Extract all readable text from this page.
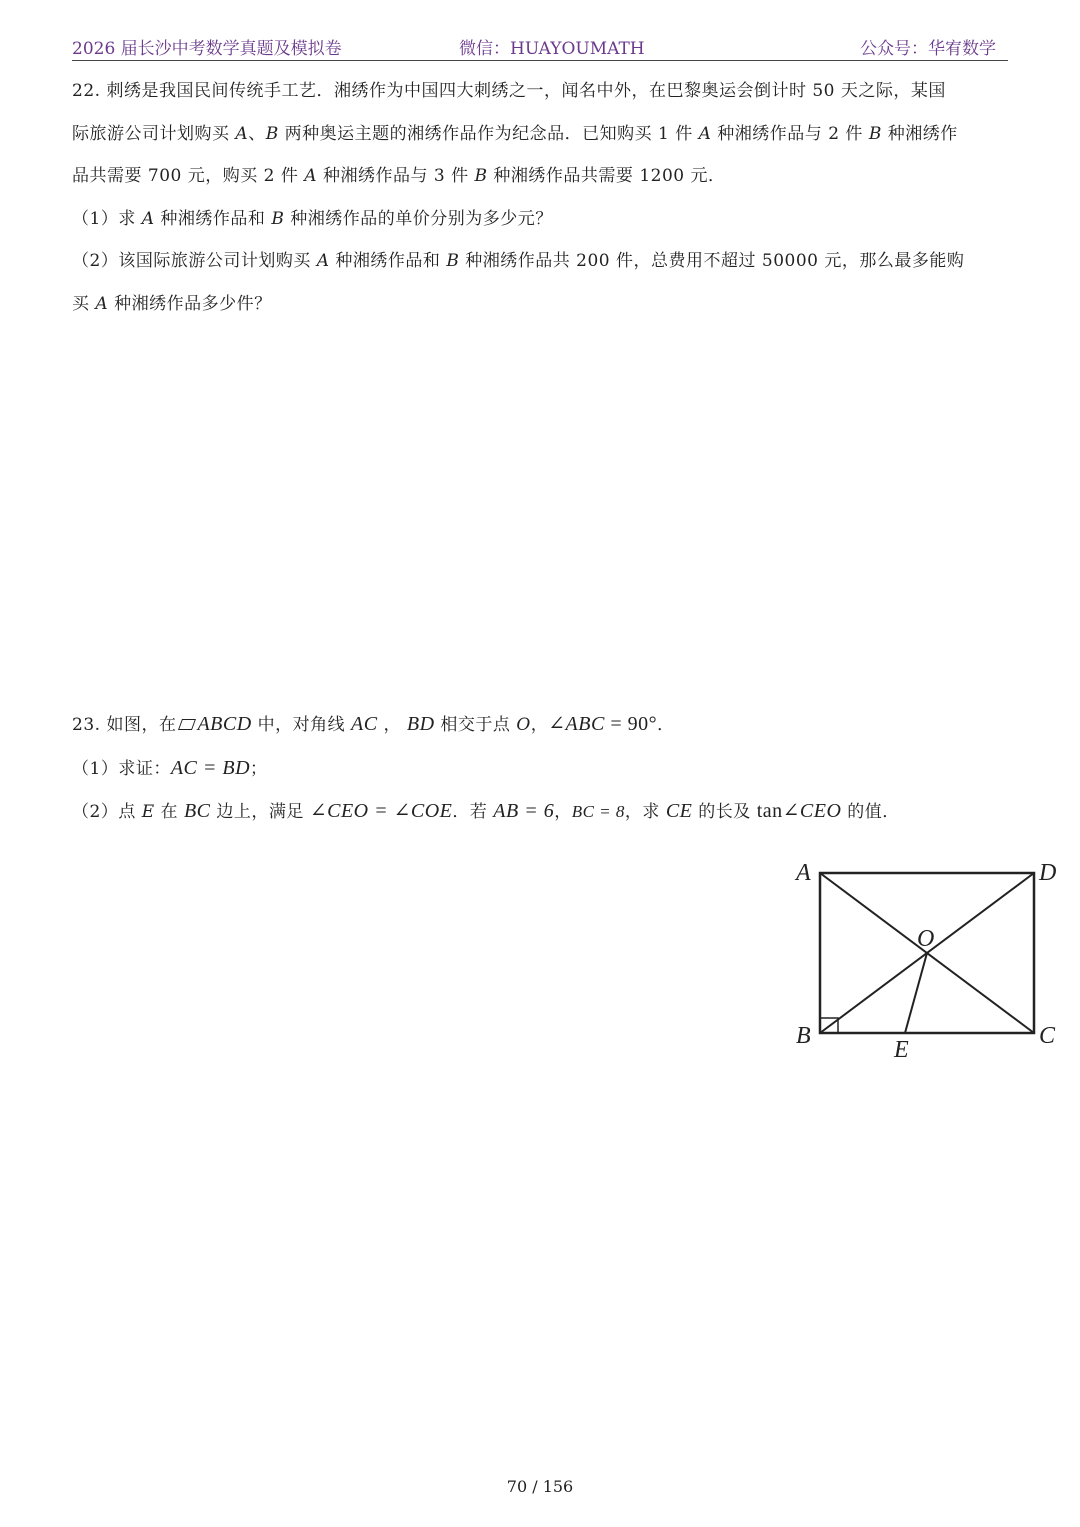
2026 届长沙中考数学真题及模拟卷	微信：HUAYOUMATH	公众号：华宥数学
22. 刺绣是我国民间传统手工艺．湘绣作为中国四大刺绣之一，闻名中外，在巴黎奥运会倒计时 50 天之际，某国
际旅游公司计划购买 A、B 两种奥运主题的湘绣作品作为纪念品．已知购买 1 件 A 种湘绣作品与 2 件 B 种湘绣作
品共需要 700 元，购买 2 件 A 种湘绣作品与 3 件 B 种湘绣作品共需要 1200 元．
（1）求 A 种湘绣作品和 B 种湘绣作品的单价分别为多少元？
（2）该国际旅游公司计划购买 A 种湘绣作品和 B 种湘绣作品共 200 件，总费用不超过 50000 元，那么最多能购
买 A 种湘绣作品多少件？
23. 如图，在 ABCD 中，对角线 AC ， BD 相交于点 O，∠ABC = 90°．
（1）求证：AC = BD；
（2）点 E 在 BC 边上，满足 ∠CEO = ∠COE．若 AB = 6，BC = 8，求 CE 的长及 tan∠CEO 的值．
A	D
B	C
O
E
70 / 156
